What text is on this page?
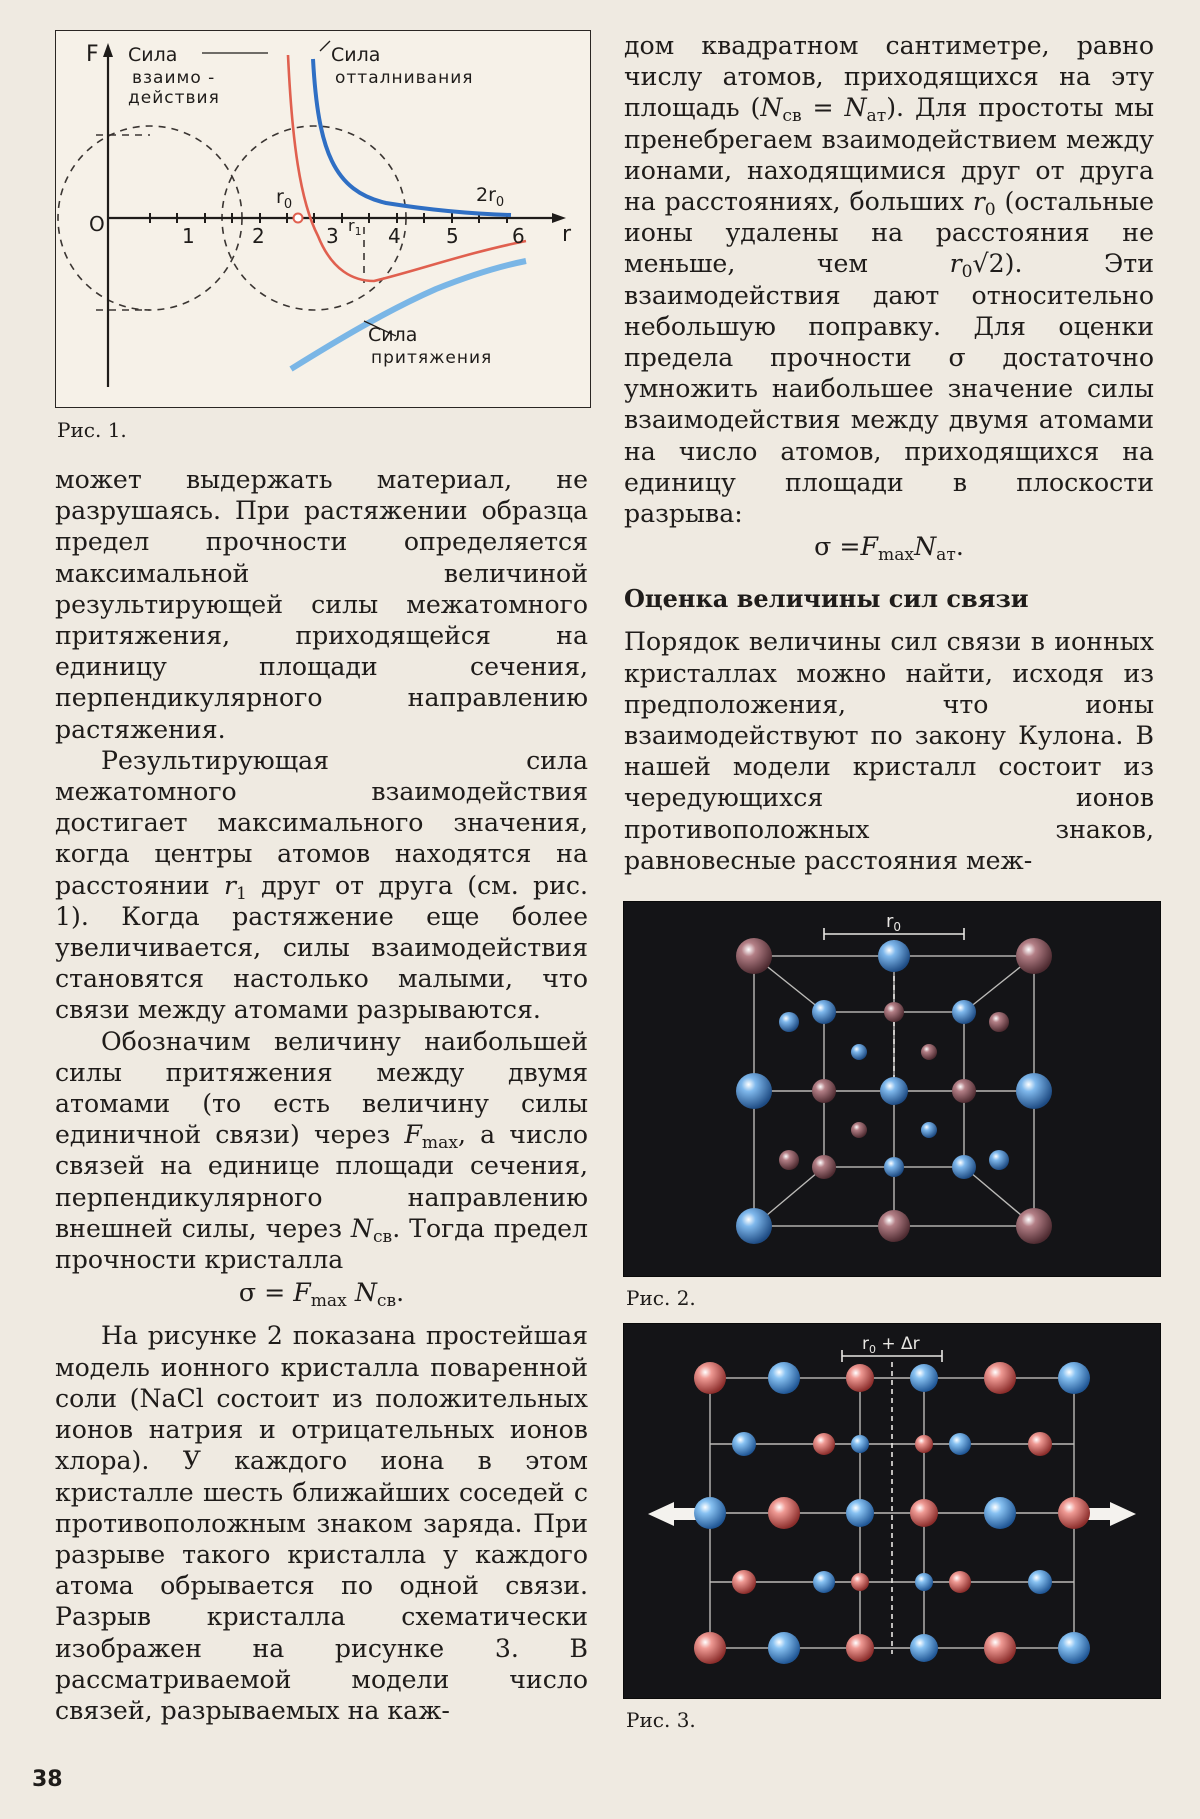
F
O	r
1	2	3 4 5	6
Сила
взаимо -
действия
Сила
отталнивания
Сила
притяжения
$r_0$
$r_1$
$2r_0$
Рис. 1.

может выдержать материал, не разрушаясь. При растяжении образца предел прочности определяется максимальной величиной результирующей силы межатомного притяжения, приходящейся на единицу площади сечения, перпендикулярного направлению растяжения.

Результирующая сила межатомного взаимодействия достигает максимального значения, когда центры атомов находятся на расстоянии $r_1$ друг от друга (см. рис. 1). Когда растяжение еще более увеличивается, силы взаимодействия становятся настолько малыми, что связи между атомами разрываются.

Обозначим величину наибольшей силы притяжения между двумя атомами (то есть величину силы единичной связи) через $F_{max}$, а число связей на единице площади сечения, перпендикулярного направлению внешней силы, через $N_{св}$. Тогда предел прочности кристалла

$\sigma = F_{max}$ $N_{св}$.

На рисунке 2 показана простейшая модель ионного кристалла поваренной соли (NaCl состоит из положительных ионов натрия и отрицательных ионов хлора). У каждого иона в этом кристалле шесть ближайших соседей с противоположным знаком заряда. При разрыве такого кристалла у каждого атома обрывается по одной связи. Разрыв кристалла схематически изображен на рисунке 3. В рассматриваемой модели число связей, разрываемых на каж-

дом квадратном сантиметре, равно числу атомов, приходящихся на эту площадь $(N_{св} = N_{ат})$. Для простоты мы пренебрегаем взаимодействием между ионами, находящимися друг от друга на расстояниях, больших $r_0$ (остальные ионы удалены на расстояния не меньше, чем	$r_0√2$). Эти взаимодействия дают относительно небольшую поправку. Для оценки предела прочности σ достаточно умножить наибольшее значение силы взаимодействия между двумя атомами на число атомов, приходящихся на единицу площади в плоскости разрыва:

$\sigma =F_{max}N_{ат}$.
Оценка величины сил связи

Порядок величины сил связи в ионных кристаллах можно найти, исходя из предположения, что ионы взаимодействуют по закону Кулона. В нашей модели кристалл состоит из чередующихся ионов противоположных знаков, равновесные расстояния меж-

$r_0$
Рис. 2.
$r_0 + \Delta r$
Рис. 3.
38
